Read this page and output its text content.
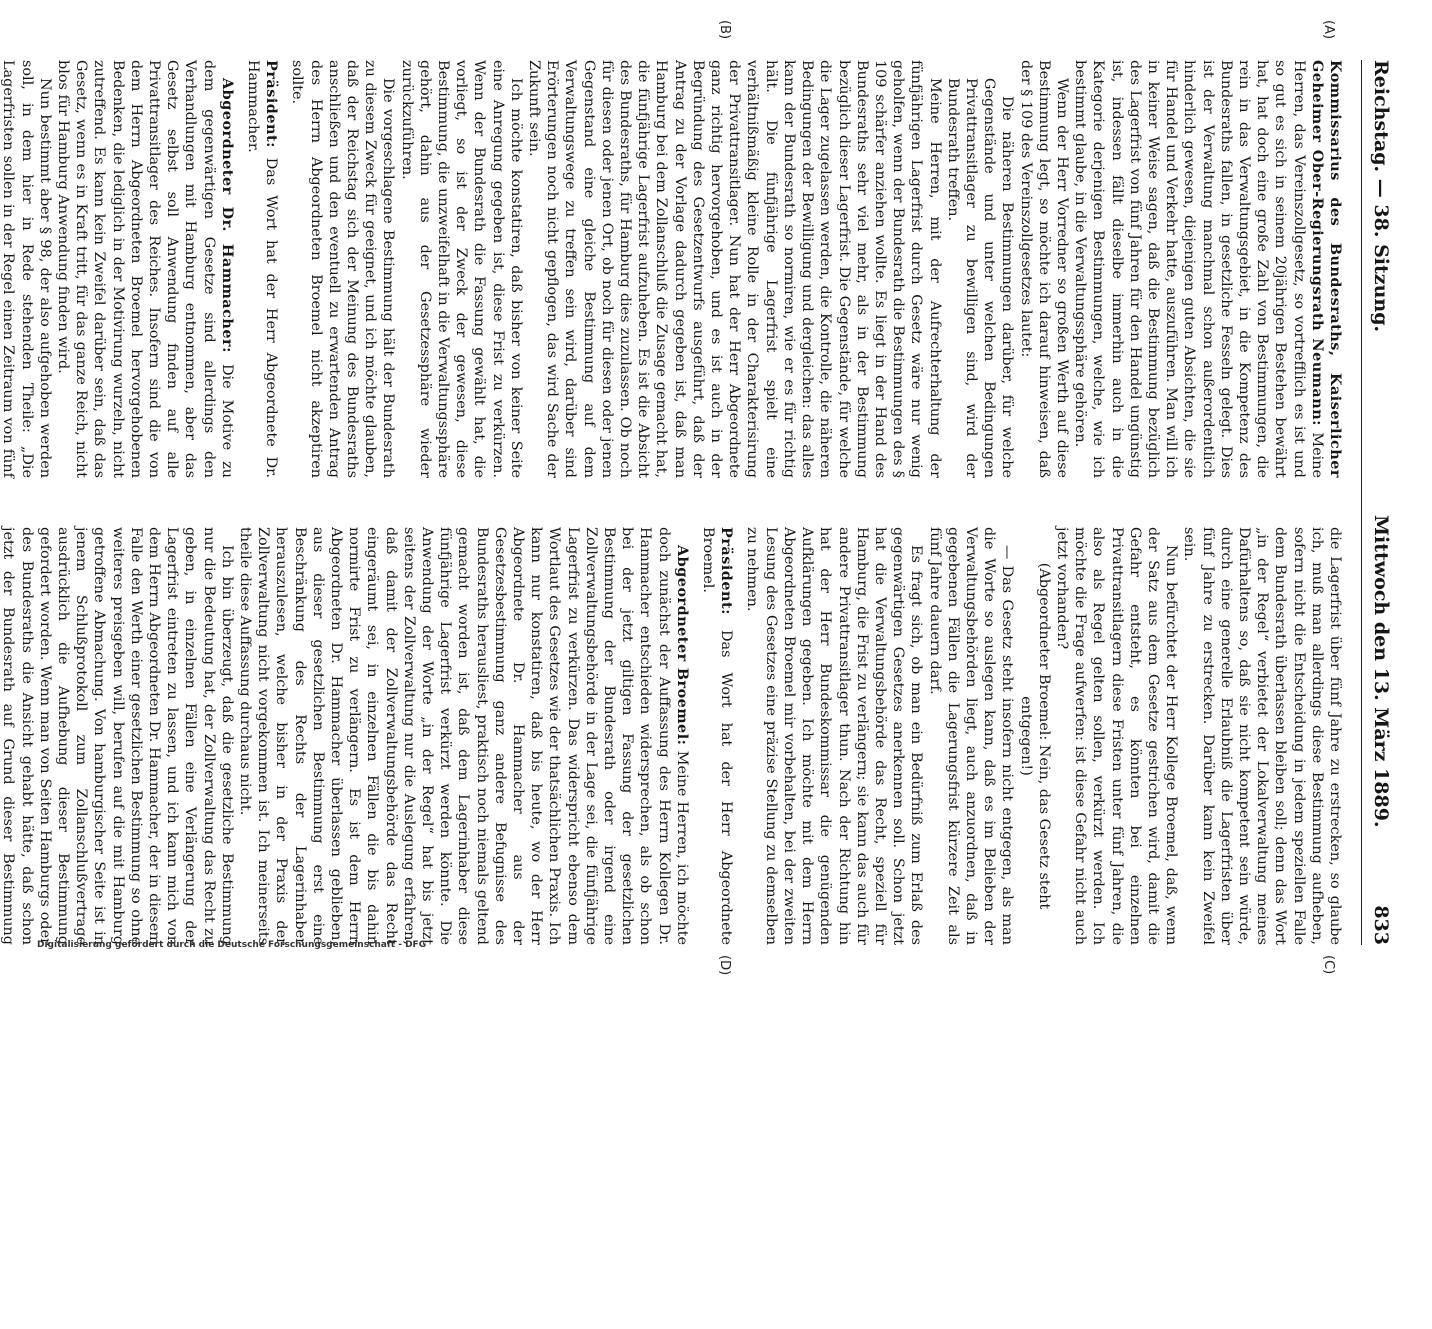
Reichstag. — 38. Sitzung.
Mittwoch den 13. März 1889.
833
(A)
(B)
(C)
(D)

Kommissarius des Bundesraths, Kaiserlicher Geheimer Ober-Regierungsrath Neumann: Meine Herren, das Vereinszollgesetz, so vortrefflich es ist und so gut es sich in seinem 20jährigen Bestehen bewährt hat, hat doch eine große Zahl von Bestimmungen, die rein in das Verwaltungsgebiet, in die Kompetenz des Bundesraths fallen, in gesetzliche Fesseln gelegt. Dies ist der Verwaltung manchmal schon außerordentlich hinderlich gewesen, diejenigen guten Absichten, die sie für Handel und Verkehr hatte, auszuführen. Man will ich in keiner Weise sagen, daß die Bestimmung bezüglich des Lagerfrist von fünf Jahren für den Handel ungünstig ist, indessen fällt dieselbe immerhin auch in die Kategorie derjenigen Bestimmungen, welche, wie ich bestimmt glaube, in die Verwaltungssphäre gehören.

Wenn der Herr Vorredner so großen Werth auf diese Bestimmung legt, so möchte ich darauf hinweisen, daß der § 109 des Vereinszollgesetzes lautet:

Die näheren Bestimmungen darüber, für welche Gegenstände und unter welchen Bedingungen Privattransitlager zu bewilligen sind, wird der Bundesrath treffen.

Meine Herren, mit der Aufrechterhaltung der fünfjährigen Lagerfrist durch Gesetz wäre nur wenig geholfen, wenn der Bundesrath die Bestimmungen des § 109 schärfer anziehen wollte. Es liegt in der Hand des Bundesraths sehr viel mehr, als in der Bestimmung bezüglich dieser Lagerfrist. Die Gegenstände, für welche die Lager zugelassen werden, die Kontrolle, die näheren Bedingungen der Bewilligung und dergleichen: das alles kann der Bundesrath so normiren, wie er es für richtig hält. Die fünfjährige Lagerfrist spielt eine verhältnißmäßig kleine Rolle in der Charakterisirung der Privattransitlager. Nun hat der Herr Abgeordnete ganz richtig hervorgehoben, und es ist auch in der Begründung des Gesetzentwurfs ausgeführt, daß der Antrag zu der Vorlage dadurch gegeben ist, daß man Hamburg bei dem Zollanschluß die Zusage gemacht hat, die fünfjährige Lagerfrist aufzuheben. Es ist die Absicht des Bundesraths, für Hamburg dies zuzulassen. Ob noch für diesen oder jenen Ort, ob noch für diesen oder jenen Gegenstand eine gleiche Bestimmung auf dem Verwaltungswege zu treffen sein wird, darüber sind Erörterungen noch nicht gepflogen, das wird Sache der Zukunft sein.

Ich möchte konstatiren, daß bisher von keiner Seite eine Anregung gegeben ist, diese Frist zu verkürzen. Wenn der Bundesrath die Fassung gewählt hat, die vorliegt, so ist der Zweck der gewesen, diese Bestimmung, die unzweifelhaft in die Verwaltungssphäre gehört, dahin aus der Gesetzessphäre wieder zurückzuführen.

Die vorgeschlagene Bestimmung hält der Bundesrath zu diesem Zweck für geeignet, und ich möchte glauben, daß der Reichstag sich der Meinung des Bundesraths anschließen und den eventuell zu erwartenden Antrag des Herrn Abgeordneten Broemel nicht akzeptiren sollte.

Präsident: Das Wort hat der Herr Abgeordnete Dr. Hammacher.

Abgeordneter Dr. Hammacher: Die Motive zu dem gegenwärtigen Gesetze sind allerdings den Verhandlungen mit Hamburg entnommen, aber das Gesetz selbst soll Anwendung finden auf alle Privattransitlager des Reiches. Insofern sind die von dem Herrn Abgeordneten Broemel hervorgehobenen Bedenken, die lediglich in der Motivirung wurzeln, nicht zutreffend. Es kann kein Zweifel darüber sein, daß das Gesetz, wenn es in Kraft tritt, für das ganze Reich, nicht blos für Hamburg Anwendung finden wird.

Nun bestimmt aber § 98, der also aufgehoben werden soll, in dem hier in Rede stehenden Theile: „Die Lagerfristen sollen in der Regel einen Zeitraum von fünf

die Lagerfrist über fünf Jahre zu erstrecken, so glaube ich, muß man allerdings diese Bestimmung aufheben, sofern nicht die Entscheidung in jedem speziellen Falle dem Bundesrath überlassen bleiben soll; denn das Wort „in der Regel“ verbietet der Lokalverwaltung meines Dafürhaltens so, daß sie nicht kompetent sein würde, durch eine generelle Erlaubniß die Lagerfristen über fünf Jahre zu erstrecken. Darüber kann kein Zweifel sein.

Nun befürchtet der Herr Kollege Broemel, daß, wenn der Satz aus dem Gesetze gestrichen wird, damit die Gefahr entsteht, es könnten bei einzelnen Privattransitlagern diese Fristen unter fünf Jahren, die also als Regel gelten sollen, verkürzt werden. Ich möchte die Frage aufwerfen: ist diese Gefahr nicht auch jetzt vorhanden?

(Abgeordneter Broemel: Nein, das Gesetz steht entgegen!)

— Das Gesetz steht insofern nicht entgegen, als man die Worte so auslegen kann, daß es im Belieben der Verwaltungsbehörden liegt, auch anzuordnen, daß in gegebenen Fällen die Lagerungsfrist kürzere Zeit als fünf Jahre dauern darf.

Es fragt sich, ob man ein Bedürfniß zum Erlaß des gegenwärtigen Gesetzes anerkennen soll. Schon jetzt hat die Verwaltungsbehörde das Recht, speziell für Hamburg, die Frist zu verlängern; sie kann das auch für andere Privattransitlager thun. Nach der Richtung hin hat der Herr Bundeskommissar die genügenden Aufklärungen gegeben. Ich möchte mit dem Herrn Abgeordneten Broemel mir vorbehalten, bei der zweiten Lesung des Gesetzes eine präzise Stellung zu demselben zu nehmen.

Präsident: Das Wort hat der Herr Abgeordnete Broemel.

Abgeordneter Broemel: Meine Herren, ich möchte doch zunächst der Auffassung des Herrn Kollegen Dr. Hammacher entschieden widersprechen, als ob schon bei der jetzt giltigen Fassung der gesetzlichen Bestimmung der Bundesrath oder irgend eine Zollverwaltungsbehörde in der Lage sei, die fünfjährige Lagerfrist zu verkürzen. Das widerspricht ebenso dem Wortlaut des Gesetzes wie der thatsächlichen Praxis. Ich kann nur konstatiren, daß bis heute, wo der Herr Abgeordnete Dr. Hammacher aus der Gesetzesbestimmung ganz andere Befugnisse des Bundesraths herausliest, praktisch noch niemals geltend gemacht worden ist, daß dem Lagerinhaber diese fünfjährige Lagerfrist verkürzt werden könnte. Die Anwendung der Worte „in der Regel“ hat bis jetzt seitens der Zollverwaltung nur die Auslegung erfahren, daß damit der Zollverwaltungsbehörde das Recht eingeräumt sei, in einzelnen Fällen die bis dahin normirte Frist zu verlängern. Es ist dem Herrn Abgeordneten Dr. Hammacher überlassen geblieben, aus dieser gesetzlichen Bestimmung erst eine Beschränkung des Rechts der Lagerinhaber herauszulesen, welche bisher in der Praxis der Zollverwaltung nicht vorgekommen ist. Ich meinerseits theile diese Auffassung durchaus nicht.

Ich bin überzeugt, daß die gesetzliche Bestimmung nur die Bedeutung hat, der Zollverwaltung das Recht zu geben, in einzelnen Fällen eine Verlängerung der Lagerfrist eintreten zu lassen, und ich kann mich von dem Herrn Abgeordneten Dr. Hammacher, der in diesem Falle den Werth einer gesetzlichen Bestimmung so ohne weiteres preisgeben will, berufen auf die mit Hamburg getroffene Abmachung. Von hamburgischer Seite ist in jenem Schlußprotokoll zum Zollanschlußvertrage ausdrücklich die Aufhebung dieser Bestimmung gefordert worden. Wenn man von Seiten Hamburgs oder des Bundesraths die Ansicht gehabt hätte, daß schon jetzt der Bundesrath auf Grund dieser Bestimmung	Digitalisierung gefördert durch die Deutsche Forschungsgemeinschaft - DFG
